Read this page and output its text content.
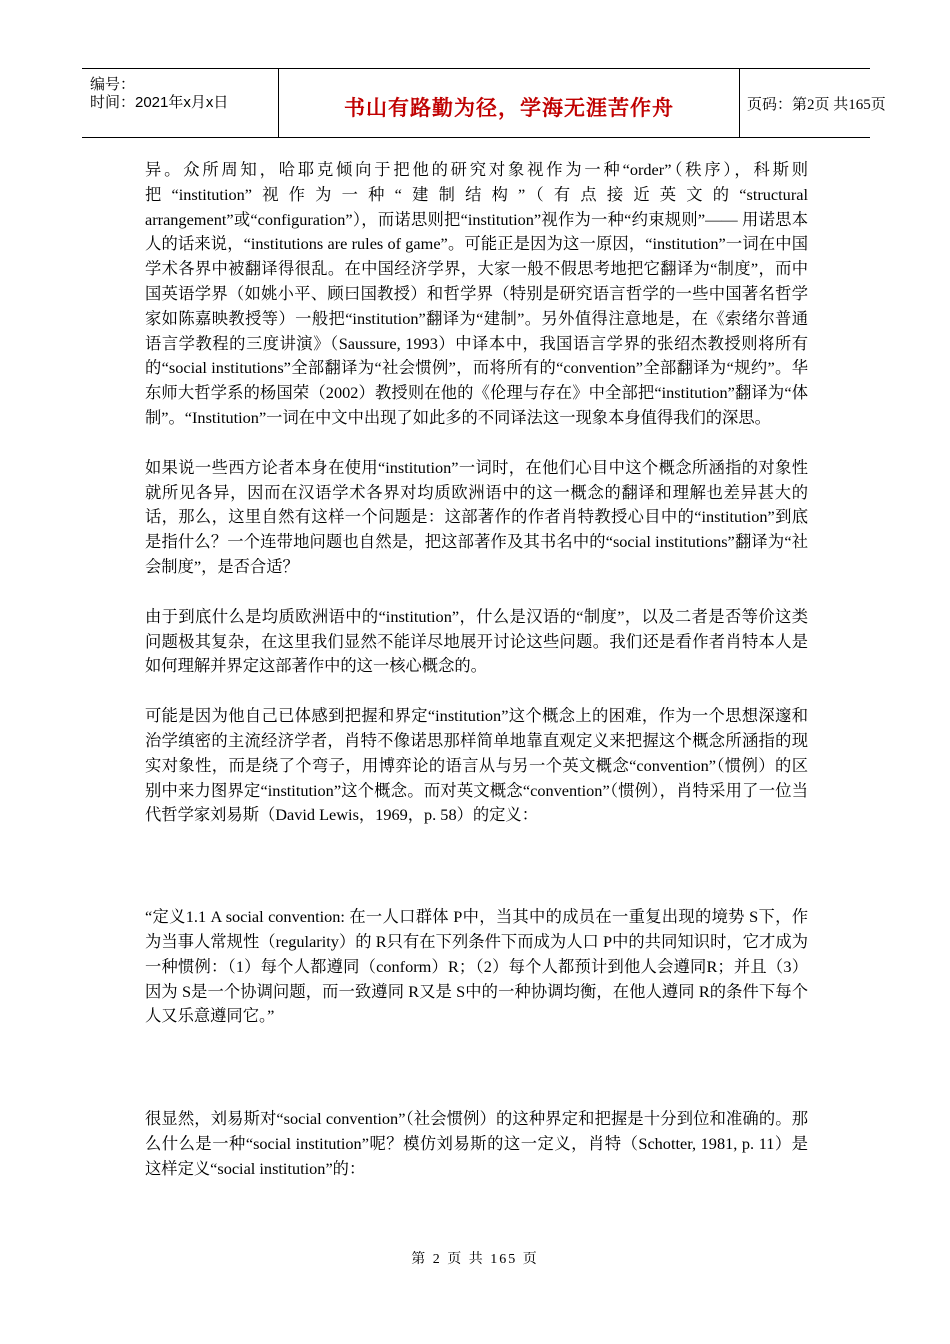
编号：
时间：2021年x月x日	书山有路勤为径，学海无涯苦作舟	页码：第2页 共165页

异。众所周知，哈耶克倾向于把他的研究对象视作为一种“order”（秩序），科斯则把“institution”视作为一种“建制结构”（有点接近英文的“structural arrangement”或“configuration”），而诺思则把“institution”视作为一种“约束规则”—— 用诺思本人的话来说，“institutions are rules of game”。可能正是因为这一原因，“institution”一词在中国学术各界中被翻译得很乱。在中国经济学界，大家一般不假思考地把它翻译为“制度”，而中国英语学界（如姚小平、顾曰国教授）和哲学界（特别是研究语言哲学的一些中国著名哲学家如陈嘉映教授等）一般把“institution”翻译为“建制”。另外值得注意地是，在《索绪尔普通语言学教程的三度讲演》（Saussure, 1993）中译本中，我国语言学界的张绍杰教授则将所有的“social institutions”全部翻译为“社会惯例”，而将所有的“convention”全部翻译为“规约”。华东师大哲学系的杨国荣（2002）教授则在他的《伦理与存在》中全部把“institution”翻译为“体制”。“Institution”一词在中文中出现了如此多的不同译法这一现象本身值得我们的深思。

如果说一些西方论者本身在使用“institution”一词时，在他们心目中这个概念所涵指的对象性就所见各异，因而在汉语学术各界对均质欧洲语中的这一概念的翻译和理解也差异甚大的话，那么，这里自然有这样一个问题是：这部著作的作者肖特教授心目中的“institution”到底是指什么？一个连带地问题也自然是，把这部著作及其书名中的“social institutions”翻译为“社会制度”，是否合适？

由于到底什么是均质欧洲语中的“institution”，什么是汉语的“制度”，以及二者是否等价这类问题极其复杂，在这里我们显然不能详尽地展开讨论这些问题。我们还是看作者肖特本人是如何理解并界定这部著作中的这一核心概念的。

可能是因为他自己已体感到把握和界定“institution”这个概念上的困难，作为一个思想深邃和治学缜密的主流经济学者，肖特不像诺思那样简单地靠直观定义来把握这个概念所涵指的现实对象性，而是绕了个弯子，用博弈论的语言从与另一个英文概念“convention”（惯例）的区别中来力图界定“institution”这个概念。而对英文概念“convention”（惯例），肖特采用了一位当代哲学家刘易斯（David Lewis，1969，p. 58）的定义：

“定义1.1 A social convention: 在一人口群体 P中，当其中的成员在一重复出现的境势 S下，作为当事人常规性（regularity）的 R只有在下列条件下而成为人口 P中的共同知识时，它才成为一种惯例：（1）每个人都遵同（conform）R；（2）每个人都预计到他人会遵同R；并且（3）因为 S是一个协调问题，而一致遵同 R又是 S中的一种协调均衡，在他人遵同 R的条件下每个人又乐意遵同它。”

很显然，刘易斯对“social convention”（社会惯例）的这种界定和把握是十分到位和准确的。那么什么是一种“social institution”呢？模仿刘易斯的这一定义，肖特（Schotter, 1981, p. 11）是这样定义“social institution”的：

第 2 页 共 165 页
